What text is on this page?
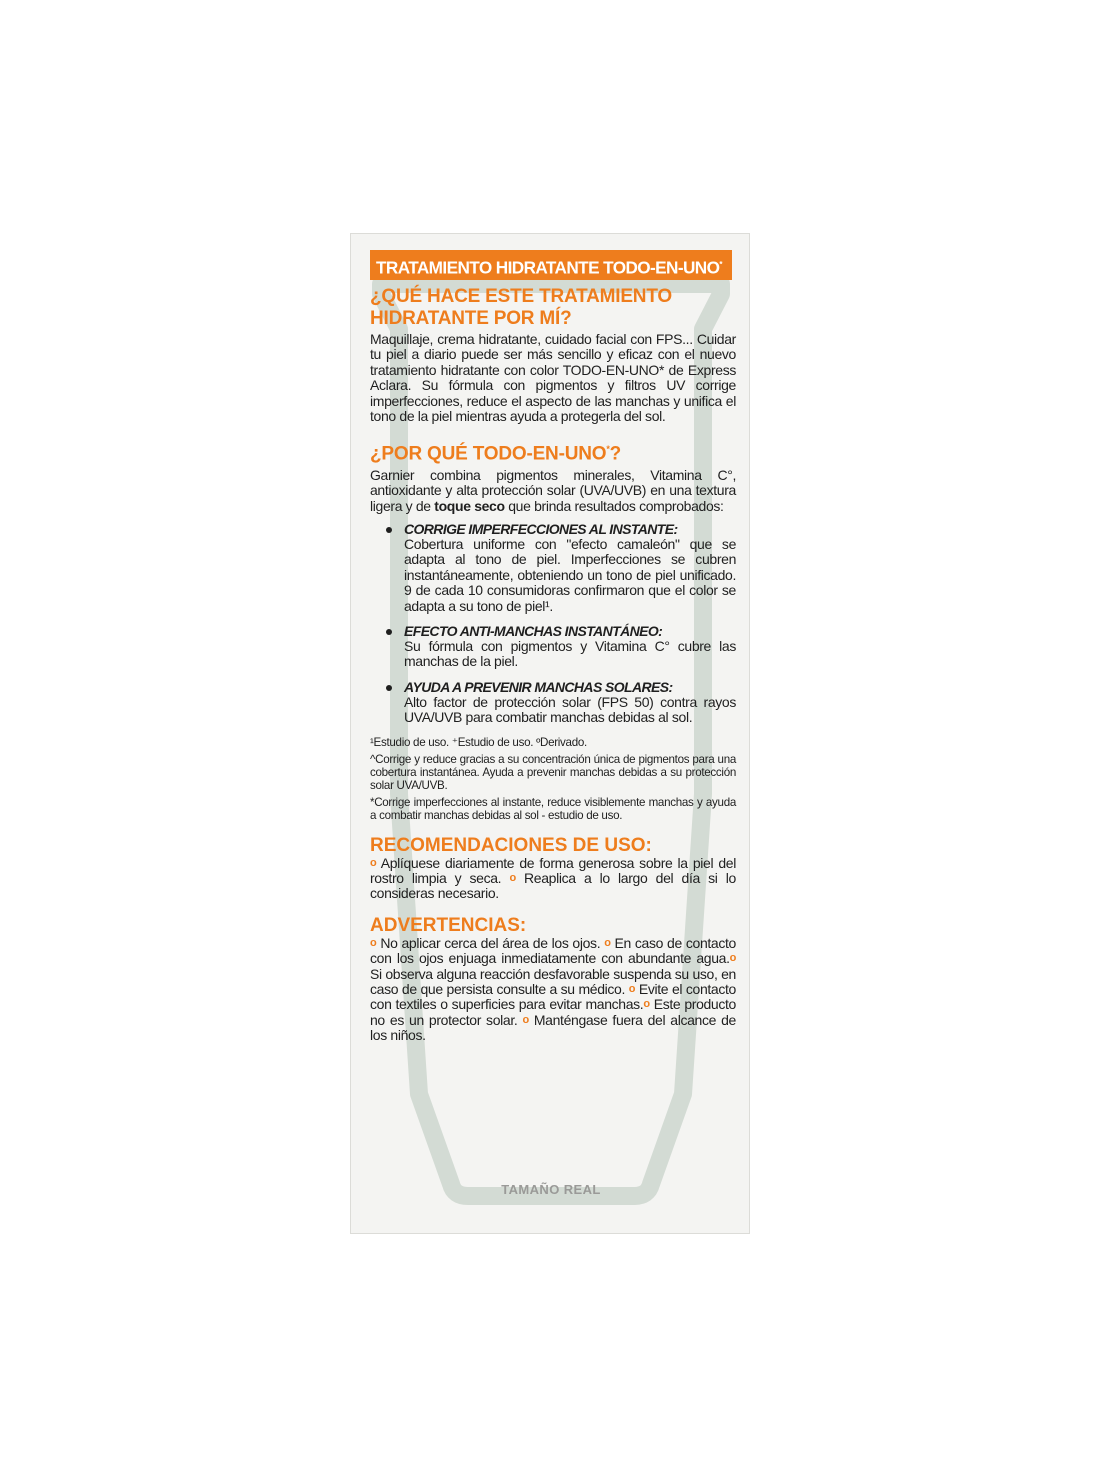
TRATAMIENTO HIDRATANTE TODO-EN-UNO*
¿QUÉ HACE ESTE TRATAMIENTO HIDRATANTE POR MÍ?

Maquillaje, crema hidratante, cuidado facial con FPS... Cuidar tu piel a diario puede ser más sencillo y eficaz con el nuevo tratamiento hidratante con color TODO-EN-UNO* de Express Aclara. Su fórmula con pigmentos y filtros UV corrige imperfecciones, reduce el aspecto de las manchas y unifica el tono de la piel mientras ayuda a protegerla del sol.

¿POR QUÉ TODO-EN-UNO*?

Garnier combina pigmentos minerales, Vitamina C°, antioxidante y alta protección solar (UVA/UVB) en una textura ligera y de toque seco que brinda resultados comprobados:

CORRIGE IMPERFECCIONES AL INSTANTE:
Cobertura uniforme con "efecto camaleón" que se adapta al tono de piel. Imperfecciones se cubren instantáneamente, obteniendo un tono de piel unificado. 9 de cada 10 consumidoras confirmaron que el color se adapta a su tono de piel¹.
EFECTO ANTI-MANCHAS INSTANTÁNEO:
Su fórmula con pigmentos y Vitamina C° cubre las manchas de la piel.
AYUDA A PREVENIR MANCHAS SOLARES:
Alto factor de protección solar (FPS 50) contra rayos UVA/UVB para combatir manchas debidas al sol.

¹Estudio de uso. ⁺Estudio de uso. ºDerivado.

^Corrige y reduce gracias a su concentración única de pigmentos para una cobertura instantánea. Ayuda a prevenir manchas debidas a su protección solar UVA/UVB.

*Corrige imperfecciones al instante, reduce visiblemente manchas y ayuda a combatir manchas debidas al sol - estudio de uso.

RECOMENDACIONES DE USO:

o Aplíquese diariamente de forma generosa sobre la piel del rostro limpia y seca. o Reaplica a lo largo del día si lo consideras necesario.

ADVERTENCIAS:

o No aplicar cerca del área de los ojos. o En caso de contacto con los ojos enjuaga inmediatamente con abundante agua.o Si observa alguna reacción desfavorable suspenda su uso, en caso de que persista consulte a su médico. o Evite el contacto con textiles o superficies para evitar manchas.o Este producto no es un protector solar. o Manténgase fuera del alcance de los niños.

TAMAÑO REAL
